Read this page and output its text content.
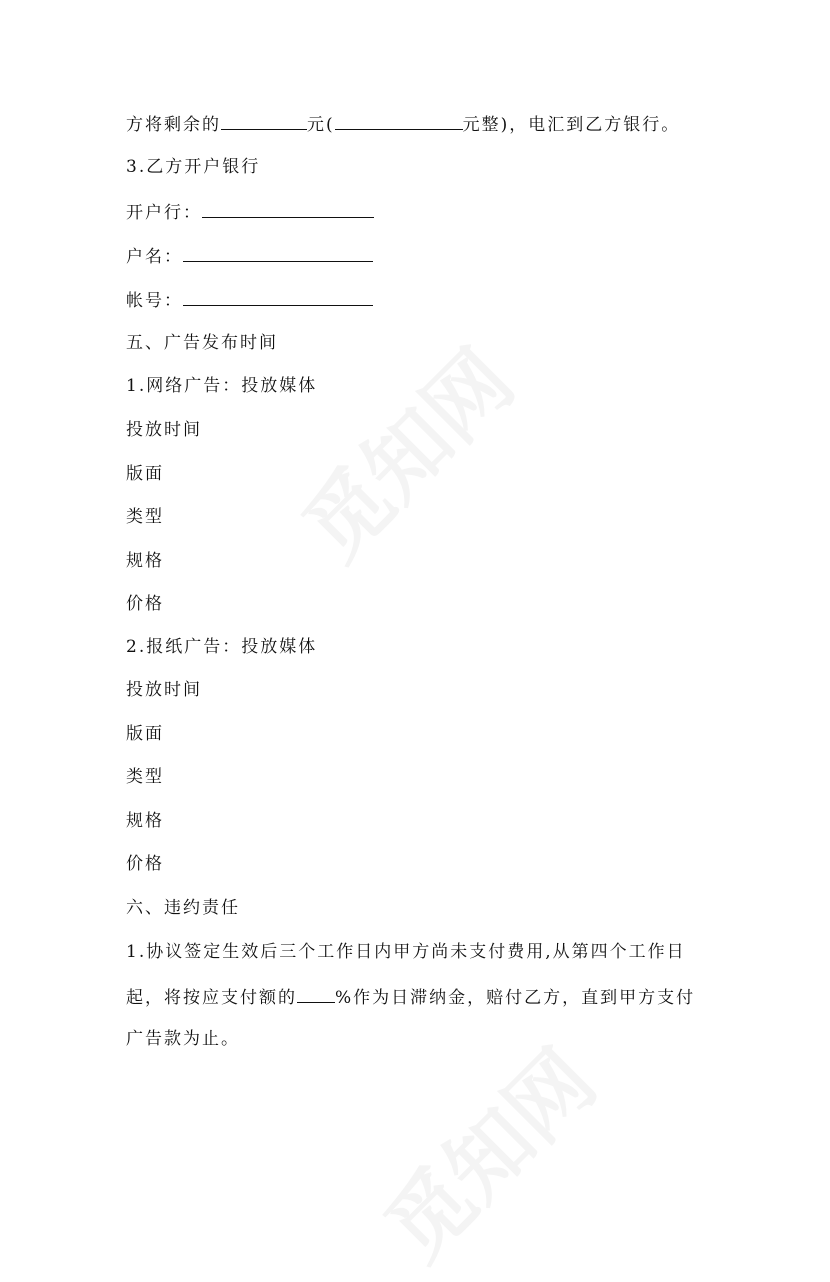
方将剩余的	元(	元整)，电汇到乙方银行。
3.乙方开户银行
开户行：
户名：
帐号：
五、广告发布时间
1.网络广告：投放媒体
投放时间
版面
类型
规格
价格
2.报纸广告：投放媒体
投放时间
版面
类型
规格
价格
六、违约责任
1.协议签定生效后三个工作日内甲方尚未支付费用,从第四个工作日
起，将按应支付额的 %作为日滞纳金，赔付乙方，直到甲方支付
广告款为止。
